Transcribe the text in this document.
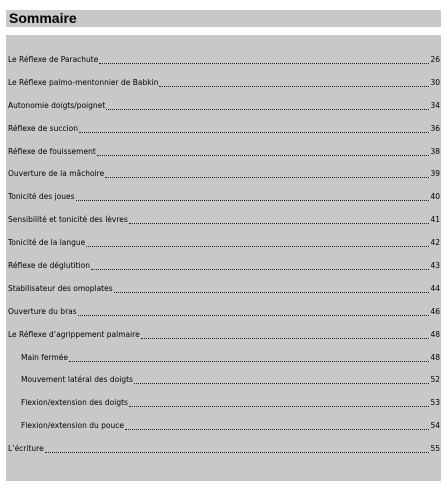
Sommaire
Le Réflexe de Parachute	26
Le Réflexe palmo-mentonnier de Babkin	30
Autonomie doigts/poignet	34
Réflexe de succion	36
Réflexe de fouissement	38
Ouverture de la mâchoire	39
Tonicité des joues	40
Sensibilité et tonicité des lèvres	41
Tonicité de la langue	42
Réflexe de déglutition	43
Stabilisateur des omoplates	44
Ouverture du bras	46
Le Réflexe d’agrippement palmaire	48
Main fermée	48
Mouvement latéral des doigts	52
Flexion/extension des doigts	53
Flexion/extension du pouce	54
L’écriture	55
